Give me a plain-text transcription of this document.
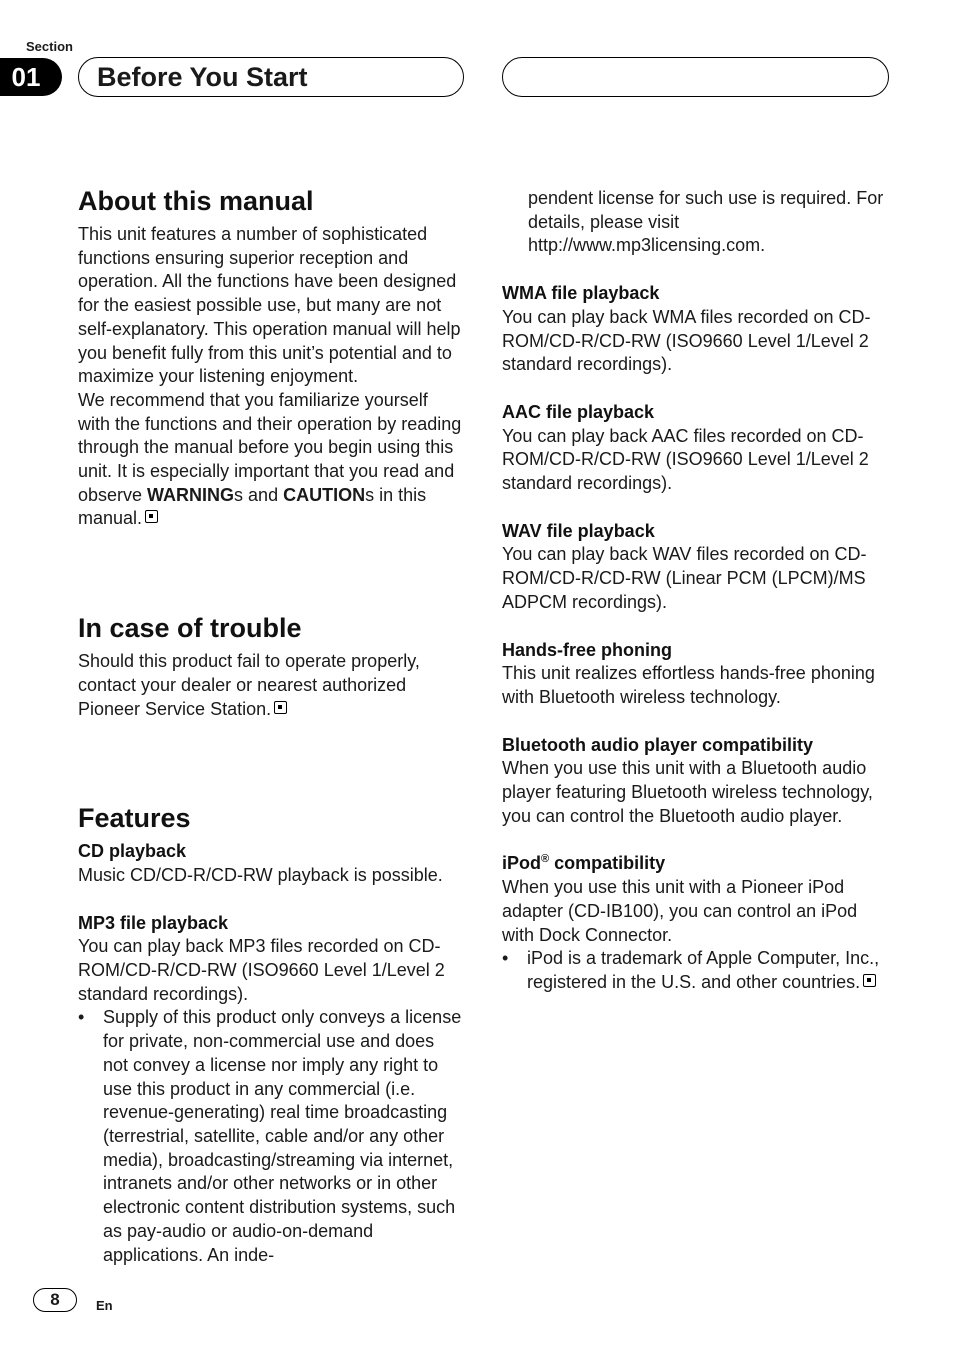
Section
01	Before You Start
About this manual

This unit features a number of sophisticated functions ensuring superior reception and operation. All the functions have been designed for the easiest possible use, but many are not self-explanatory. This operation manual will help you benefit fully from this unit’s potential and to maximize your listening enjoyment.

We recommend that you familiarize yourself with the functions and their operation by reading through the manual before you begin using this unit. It is especially important that you read and observe WARNINGs and CAUTIONs in this manual.

In case of trouble

Should this product fail to operate properly, contact your dealer or nearest authorized Pioneer Service Station.

Features
CD playback

Music CD/CD-R/CD-RW playback is possible.

MP3 file playback

You can play back MP3 files recorded on CD-ROM/CD-R/CD-RW (ISO9660 Level 1/Level 2 standard recordings).

• Supply of this product only conveys a license for private, non-commercial use and does not convey a license nor imply any right to use this product in any commercial (i.e. revenue-generating) real time broadcasting (terrestrial, satellite, cable and/or any other media), broadcasting/streaming via internet, intranets and/or other networks or in other electronic content distribution systems, such as pay-audio or audio-on-demand applications. An inde-

pendent license for such use is required. For details, please visit http://www.mp3licensing.com.

WMA file playback

You can play back WMA files recorded on CD-ROM/CD-R/CD-RW (ISO9660 Level 1/Level 2 standard recordings).

AAC file playback

You can play back AAC files recorded on CD-ROM/CD-R/CD-RW (ISO9660 Level 1/Level 2 standard recordings).

WAV file playback

You can play back WAV files recorded on CD-ROM/CD-R/CD-RW (Linear PCM (LPCM)/MS ADPCM recordings).

Hands-free phoning

This unit realizes effortless hands-free phoning with Bluetooth wireless technology.

Bluetooth audio player compatibility

When you use this unit with a Bluetooth audio player featuring Bluetooth wireless technology, you can control the Bluetooth audio player.

iPod® compatibility

When you use this unit with a Pioneer iPod adapter (CD-IB100), you can control an iPod with Dock Connector.

• iPod is a trademark of Apple Computer, Inc., registered in the U.S. and other countries.
8	En
